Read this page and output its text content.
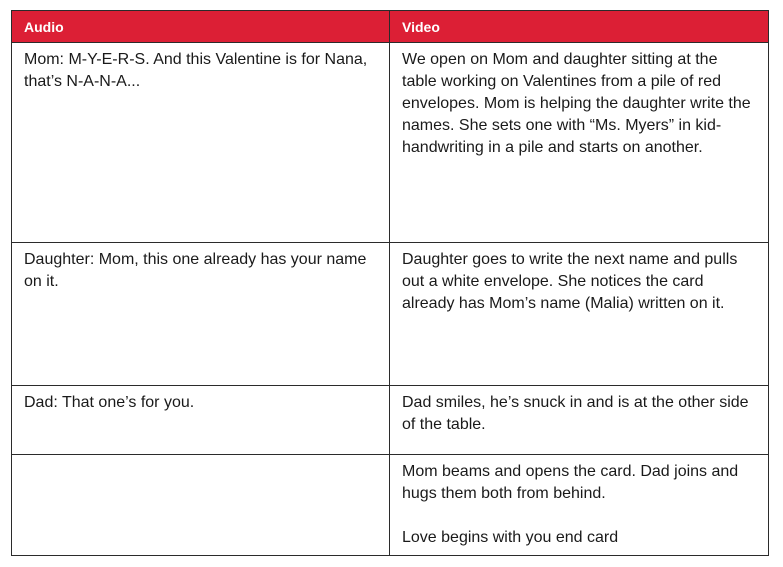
Audio	Video
Mom: M-Y-E-R-S. And this Valentine is for Nana, that’s N-A-N-A...	We open on Mom and daughter sitting at the table working on Valentines from a pile of red envelopes. Mom is helping the daughter write the names. She sets one with “Ms. Myers” in kid-handwriting in a pile and starts on another.
Daughter: Mom, this one already has your name on it.	Daughter goes to write the next name and pulls out a white envelope. She notices the card already has Mom’s name (Malia) written on it.
Dad: That one’s for you.	Dad smiles, he’s snuck in and is at the other side of the table.
	Mom beams and opens the card. Dad joins and hugs them both from behind.

Love begins with you end card
